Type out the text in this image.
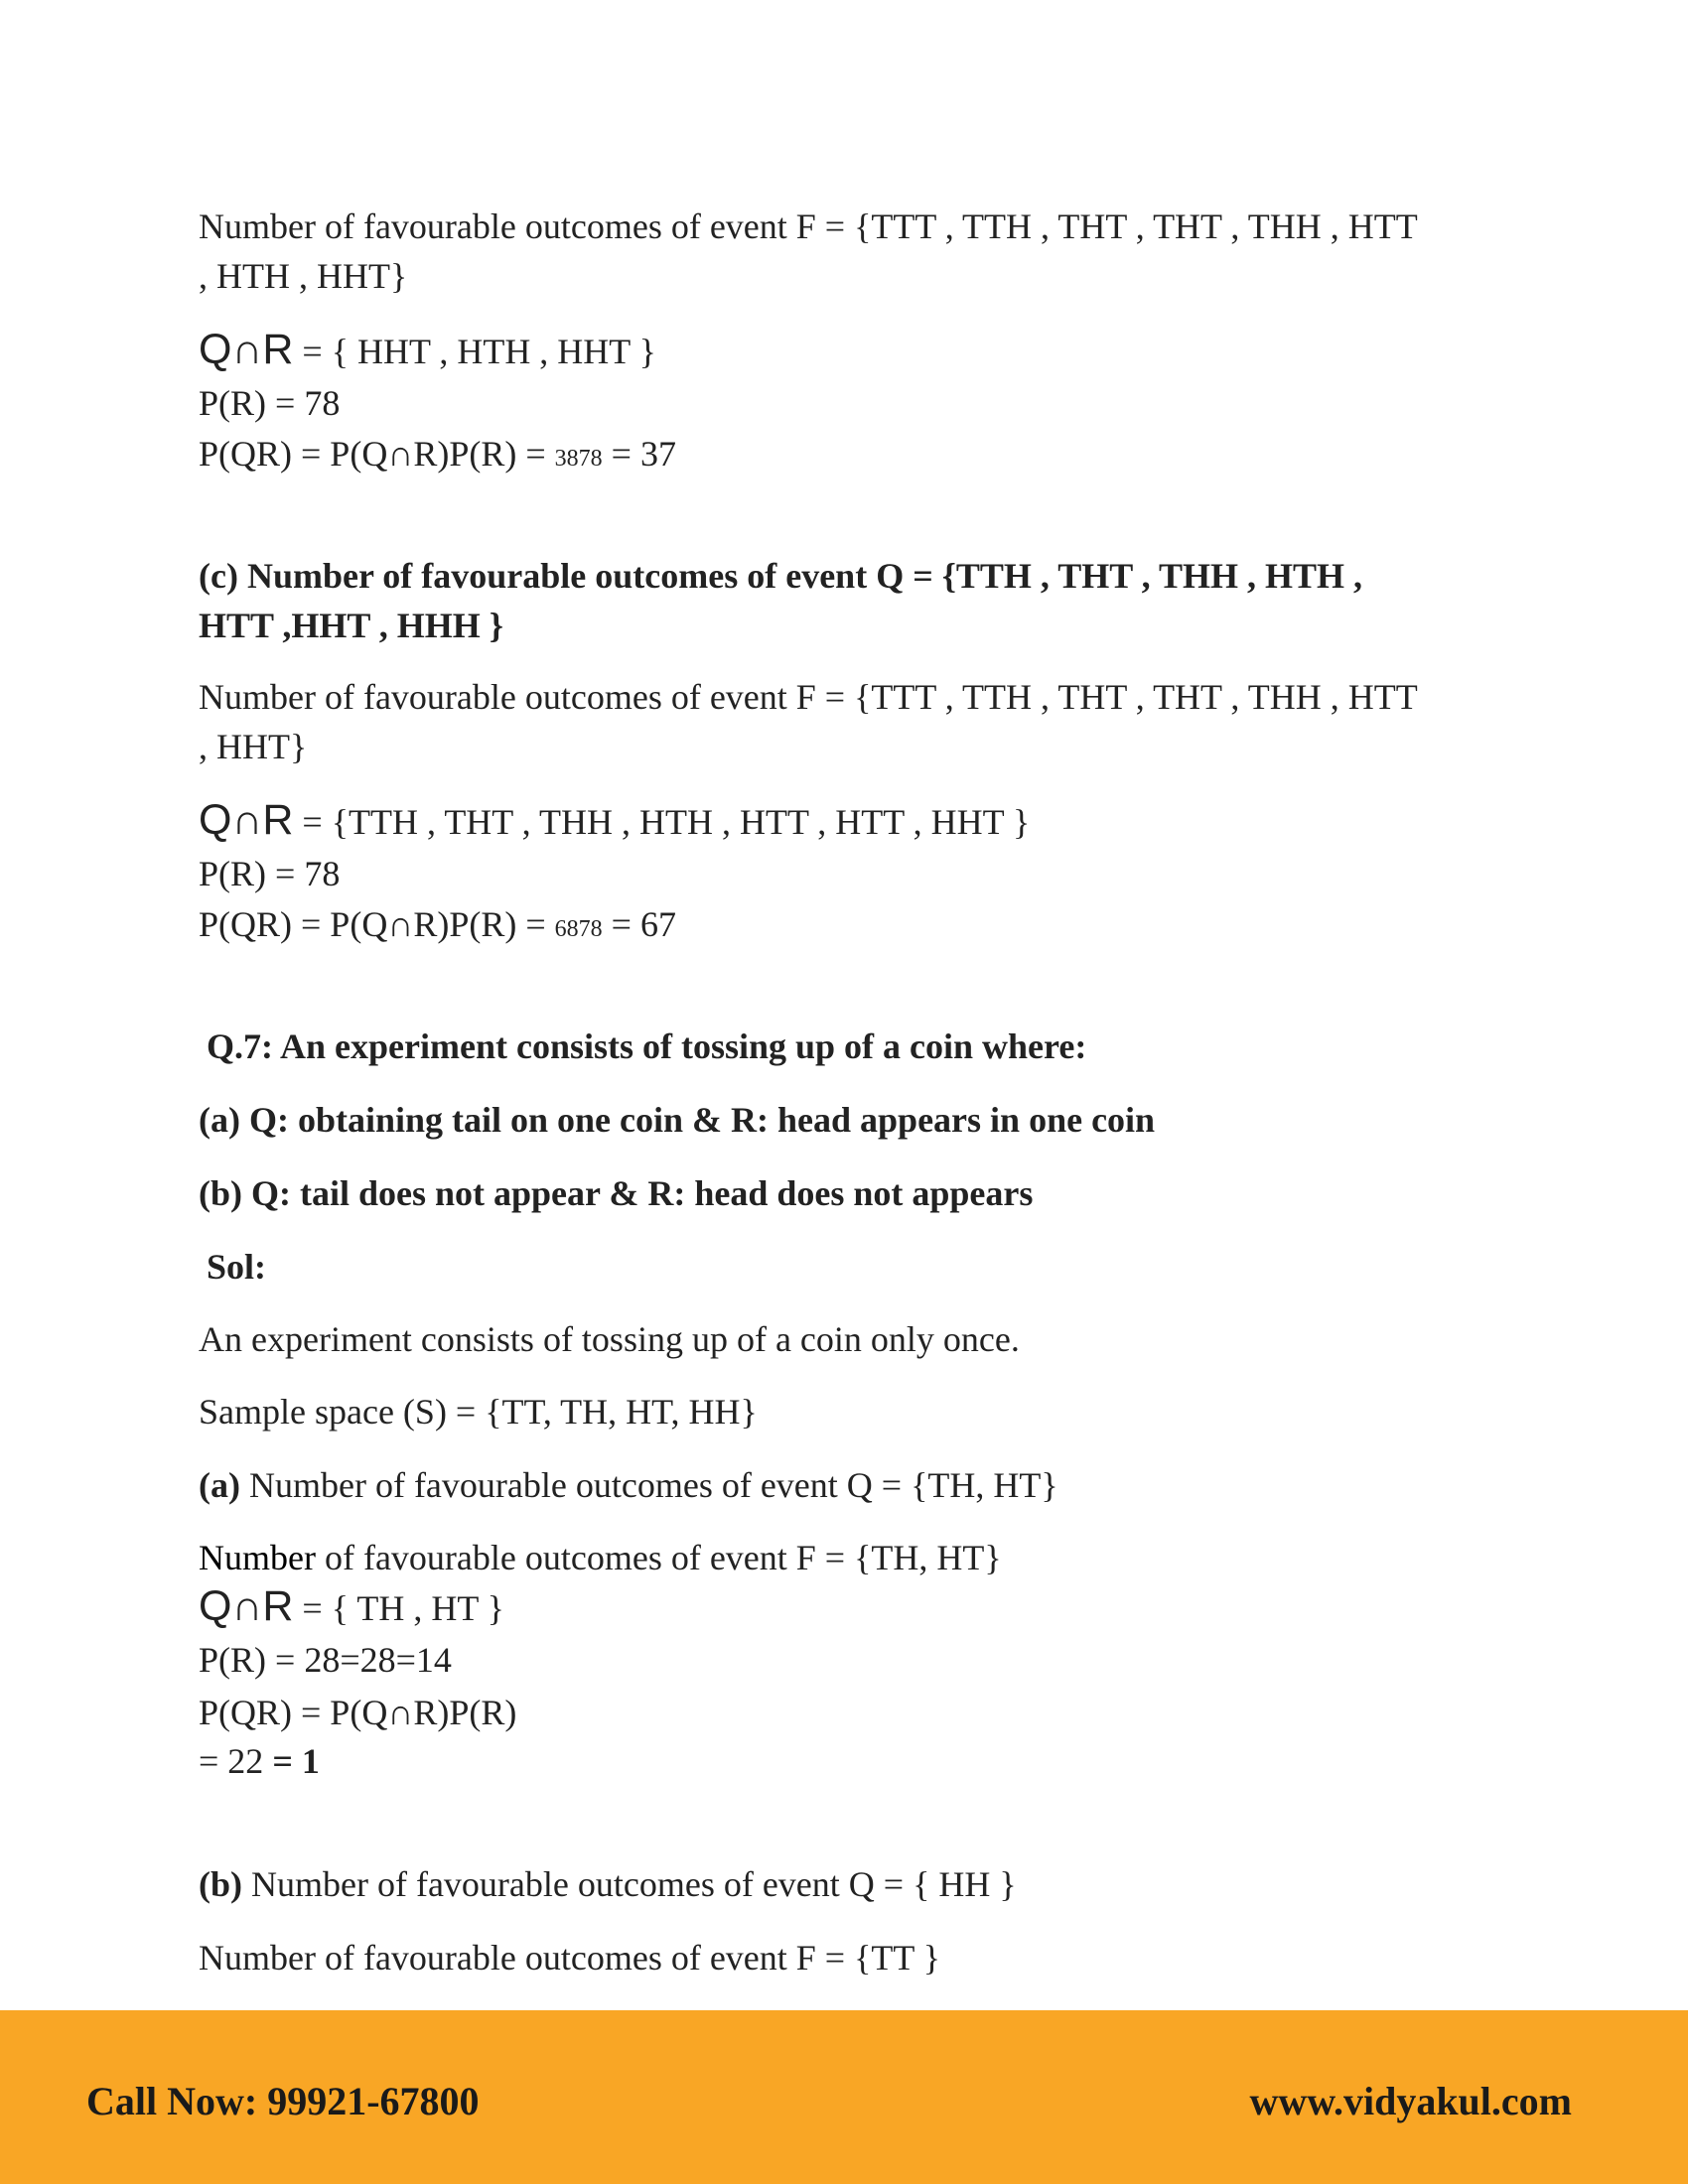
Number of favourable outcomes of event F = {TTT , TTH , THT , THT , THH , HTT

, HTH , HHT}

Q∩R = { HHT , HTH , HHT }

P(R) = 78

P(QR) = P(Q∩R)P(R) = 3878 = 37

(c) Number of favourable outcomes of event Q = {TTH , THT , THH , HTH ,

HTT ,HHT , HHH }

Number of favourable outcomes of event F = {TTT , TTH , THT , THT , THH , HTT

, HHT}

Q∩R = {TTH , THT , THH , HTH , HTT , HTT , HHT }

P(R) = 78

P(QR) = P(Q∩R)P(R) = 6878 = 67

Q.7: An experiment consists of tossing up of a coin where:

(a) Q: obtaining tail on one coin & R: head appears in one coin

(b) Q: tail does not appear & R: head does not appears

Sol:

An experiment consists of tossing up of a coin only once.

Sample space (S) = {TT, TH, HT, HH}

(a) Number of favourable outcomes of event Q = {TH, HT}

Number of favourable outcomes of event F = {TH, HT}

Q∩R = { TH , HT }

P(R) = 28=28=14

P(QR) = P(Q∩R)P(R)

= 22 = 1

(b) Number of favourable outcomes of event Q = { HH }

Number of favourable outcomes of event F = {TT }

Call Now: 99921-67800	www.vidyakul.com
